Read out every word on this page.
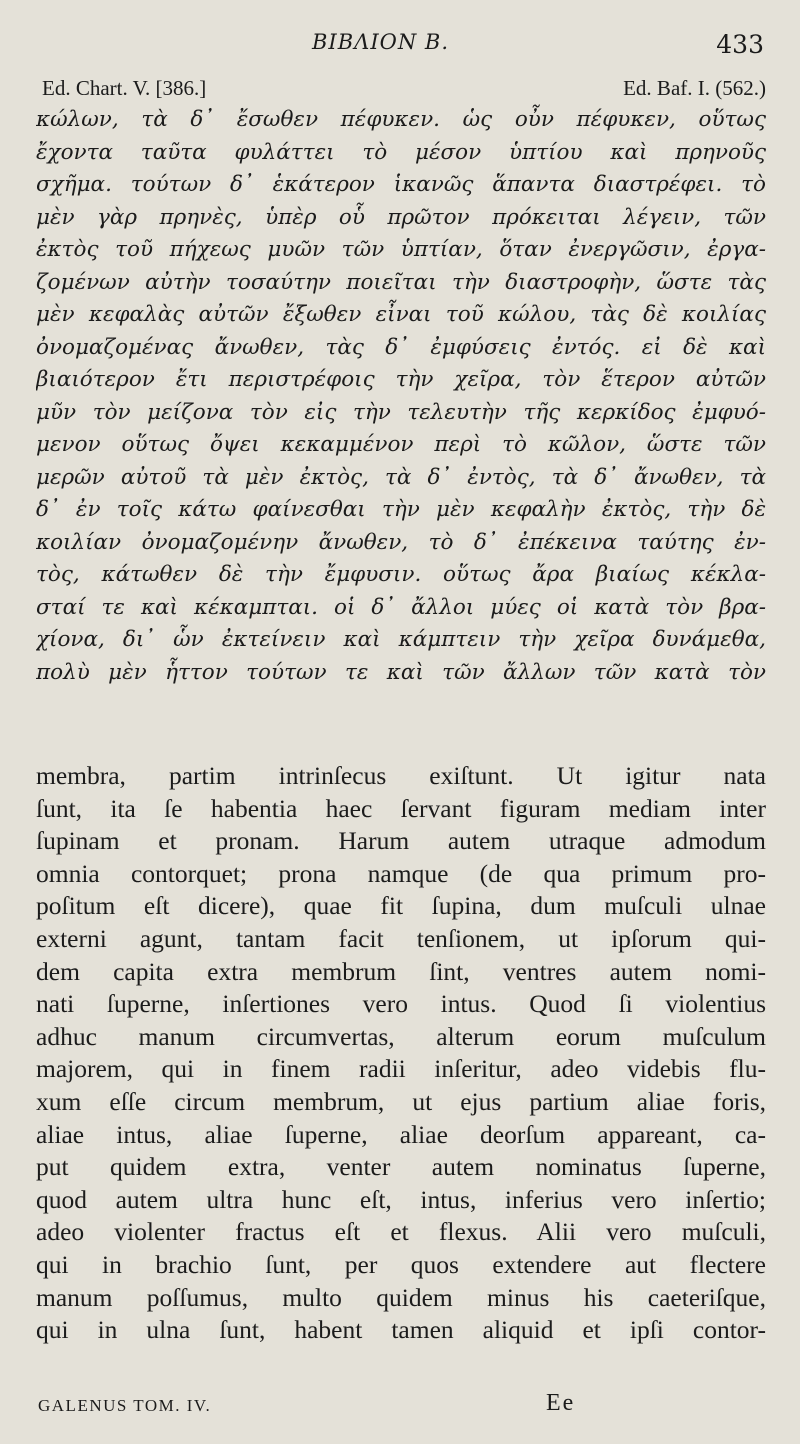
ΒΙΒΛΙΟΝ Β.	433
Ed. Chart. V. [386.]	Ed. Baf. I. (562.)
κώλων, τὰ δ᾽ ἔσωθεν πέφυκεν. ὡς οὖν πέφυκεν, οὕτως
ἔχοντα ταῦτα φυλάττει τὸ μέσον ὑπτίου καὶ πρηνοῦς
σχῆμα. τούτων δ᾽ ἑκάτερον ἱκανῶς ἅπαντα διαστρέφει. τὸ
μὲν γὰρ πρηνὲς, ὑπὲρ οὗ πρῶτον πρόκειται λέγειν, τῶν
ἐκτὸς τοῦ πήχεως μυῶν τῶν ὑπτίαν, ὅταν ἐνεργῶσιν, ἐργα-
ζομένων αὐτὴν τοσαύτην ποιεῖται τὴν διαστροφὴν, ὥστε τὰς
μὲν κεφαλὰς αὐτῶν ἔξωθεν εἶναι τοῦ κώλου, τὰς δὲ κοιλίας
ὀνομαζομένας ἄνωθεν, τὰς δ᾽ ἐμφύσεις ἐντός. εἰ δὲ καὶ
βιαιότερον ἔτι περιστρέφοις τὴν χεῖρα, τὸν ἕτερον αὐτῶν
μῦν τὸν μείζονα τὸν εἰς τὴν τελευτὴν τῆς κερκίδος ἐμφυό-
μενον οὕτως ὄψει κεκαμμένον περὶ τὸ κῶλον, ὥστε τῶν
μερῶν αὐτοῦ τὰ μὲν ἐκτὸς, τὰ δ᾽ ἐντὸς, τὰ δ᾽ ἄνωθεν, τὰ
δ᾽ ἐν τοῖς κάτω φαίνεσθαι τὴν μὲν κεφαλὴν ἐκτὸς, τὴν δὲ
κοιλίαν ὀνομαζομένην ἄνωθεν, τὸ δ᾽ ἐπέκεινα ταύτης ἐν-
τὸς, κάτωθεν δὲ τὴν ἔμφυσιν. οὕτως ἄρα βιαίως κέκλα-
σταί τε καὶ κέκαμπται. οἱ δ᾽ ἄλλοι μύες οἱ κατὰ τὸν βρα-
χίονα, δι᾽ ὧν ἐκτείνειν καὶ κάμπτειν τὴν χεῖρα δυνάμεθα,
πολὺ μὲν ἧττον τούτων τε καὶ τῶν ἄλλων τῶν κατὰ τὸν
membra, partim intrinſecus exiſtunt. Ut igitur nata
ſunt, ita ſe habentia haec ſervant figuram mediam inter
ſupinam et pronam. Harum autem utraque admodum
omnia contorquet; prona namque (de qua primum pro-
poſitum eſt dicere), quae fit ſupina, dum muſculi ulnae
externi agunt, tantam facit tenſionem, ut ipſorum qui-
dem capita extra membrum ſint, ventres autem nomi-
nati ſuperne, inſertiones vero intus. Quod ſi violentius
adhuc manum circumvertas, alterum eorum muſculum
majorem, qui in finem radii inſeritur, adeo videbis flu-
xum eſſe circum membrum, ut ejus partium aliae foris,
aliae intus, aliae ſuperne, aliae deorſum appareant, ca-
put quidem extra, venter autem nominatus ſuperne,
quod autem ultra hunc eſt, intus, inferius vero inſertio;
adeo violenter fractus eſt et flexus. Alii vero muſculi,
qui in brachio ſunt, per quos extendere aut flectere
manum poſſumus, multo quidem minus his caeteriſque,
qui in ulna ſunt, habent tamen aliquid et ipſi contor-
GALENUS TOM. IV.	Ee
